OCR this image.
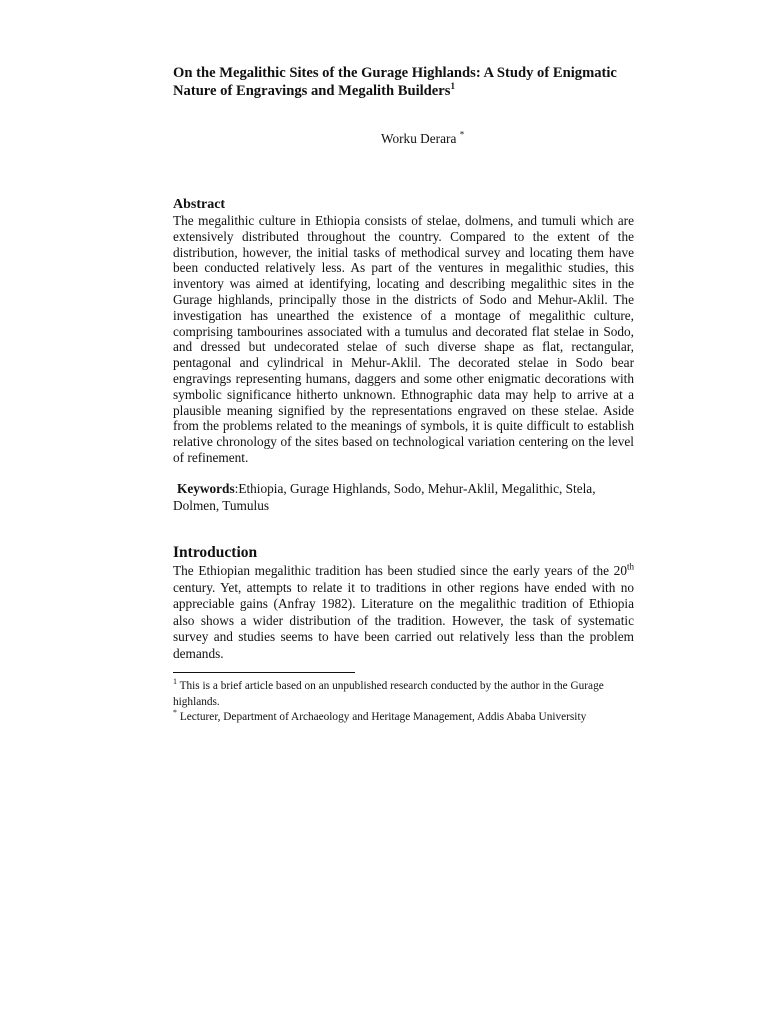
On the Megalithic Sites of the Gurage Highlands: A Study of Enigmatic
Nature of Engravings and Megalith Builders$^1$
Worku Derara *
Abstract

The megalithic culture in Ethiopia consists of stelae, dolmens, and tumuli which are extensively distributed throughout the country. Compared to the extent of the distribution, however, the initial tasks of methodical survey and locating them have been conducted relatively less. As part of the ventures in megalithic studies, this inventory was aimed at identifying, locating and describing megalithic sites in the Gurage highlands, principally those in the districts of Sodo and Mehur-Aklil. The investigation has unearthed the existence of a montage of megalithic culture, comprising tambourines associated with a tumulus and decorated flat stelae in Sodo, and dressed but undecorated stelae of such diverse shape as flat, rectangular, pentagonal and cylindrical in Mehur-Aklil. The decorated stelae in Sodo bear engravings representing humans, daggers and some other enigmatic decorations with symbolic significance hitherto unknown. Ethnographic data may help to arrive at a plausible meaning signified by the representations engraved on these stelae. Aside from the problems related to the meanings of symbols, it is quite difficult to establish relative chronology of the sites based on technological variation centering on the level of refinement.

Keywords:Ethiopia, Gurage Highlands, Sodo, Mehur-Aklil, Megalithic, Stela, Dolmen, Tumulus

Introduction

The Ethiopian megalithic tradition has been studied since the early years of the 20th century. Yet, attempts to relate it to traditions in other regions have ended with no appreciable gains (Anfray 1982). Literature on the megalithic tradition of Ethiopia also shows a wider distribution of the tradition. However, the task of systematic survey and studies seems to have been carried out relatively less than the problem demands.

$^1$ This is a brief article based on an unpublished research conducted by the author in the Gurage highlands.

* Lecturer, Department of Archaeology and Heritage Management, Addis Ababa University
